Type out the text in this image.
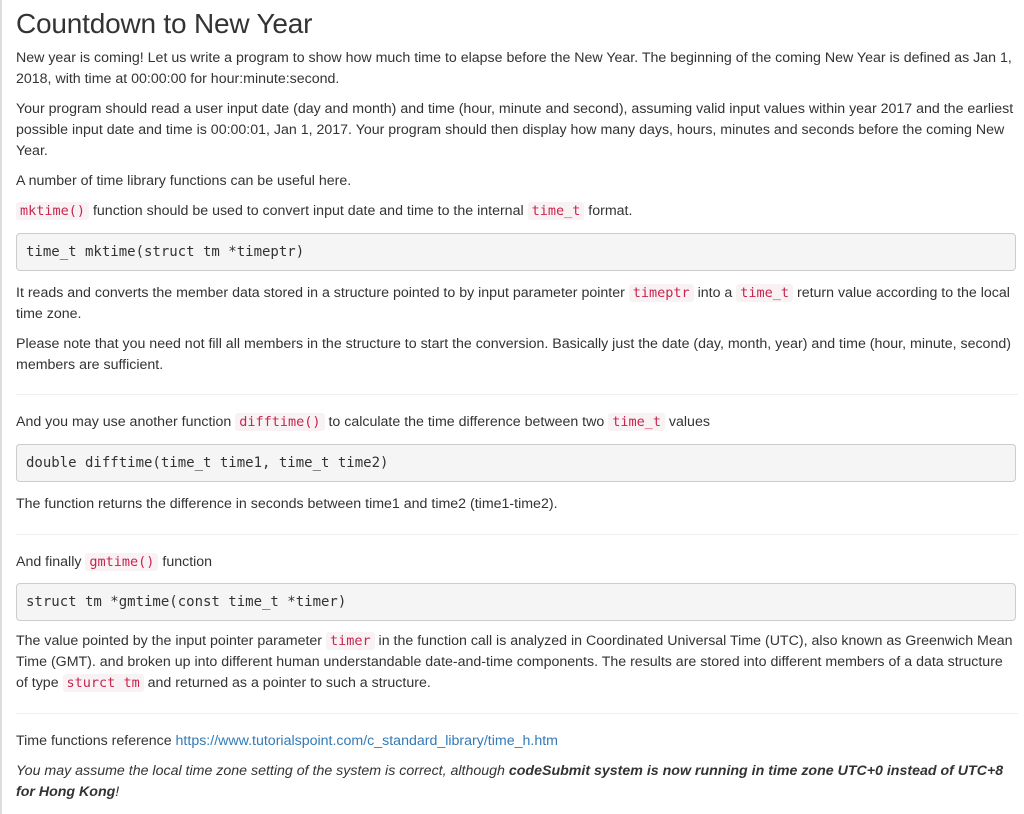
Countdown to New Year

New year is coming! Let us write a program to show how much time to elapse before the New Year. The beginning of the coming New Year is defined as Jan 1, 2018, with time at 00:00:00 for hour:minute:second.

Your program should read a user input date (day and month) and time (hour, minute and second), assuming valid input values within year 2017 and the earliest possible input date and time is 00:00:01, Jan 1, 2017. Your program should then display how many days, hours, minutes and seconds before the coming New Year.

A number of time library functions can be useful here.

mktime() function should be used to convert input date and time to the internal time_t format.

time_t mktime(struct tm *timeptr)

It reads and converts the member data stored in a structure pointed to by input parameter pointer timeptr into a time_t return value according to the local time zone.

Please note that you need not fill all members in the structure to start the conversion. Basically just the date (day, month, year) and time (hour, minute, second) members are sufficient.

And you may use another function difftime() to calculate the time difference between two time_t values

double difftime(time_t time1, time_t time2)

The function returns the difference in seconds between time1 and time2 (time1-time2).

And finally gmtime() function

struct tm *gmtime(const time_t *timer)

The value pointed by the input pointer parameter timer in the function call is analyzed in Coordinated Universal Time (UTC), also known as Greenwich Mean Time (GMT). and broken up into different human understandable date-and-time components. The results are stored into different members of a data structure of type sturct tm and returned as a pointer to such a structure.

Time functions reference https://www.tutorialspoint.com/c_standard_library/time_h.htm

You may assume the local time zone setting of the system is correct, although codeSubmit system is now running in time zone UTC+0 instead of UTC+8 for Hong Kong!
